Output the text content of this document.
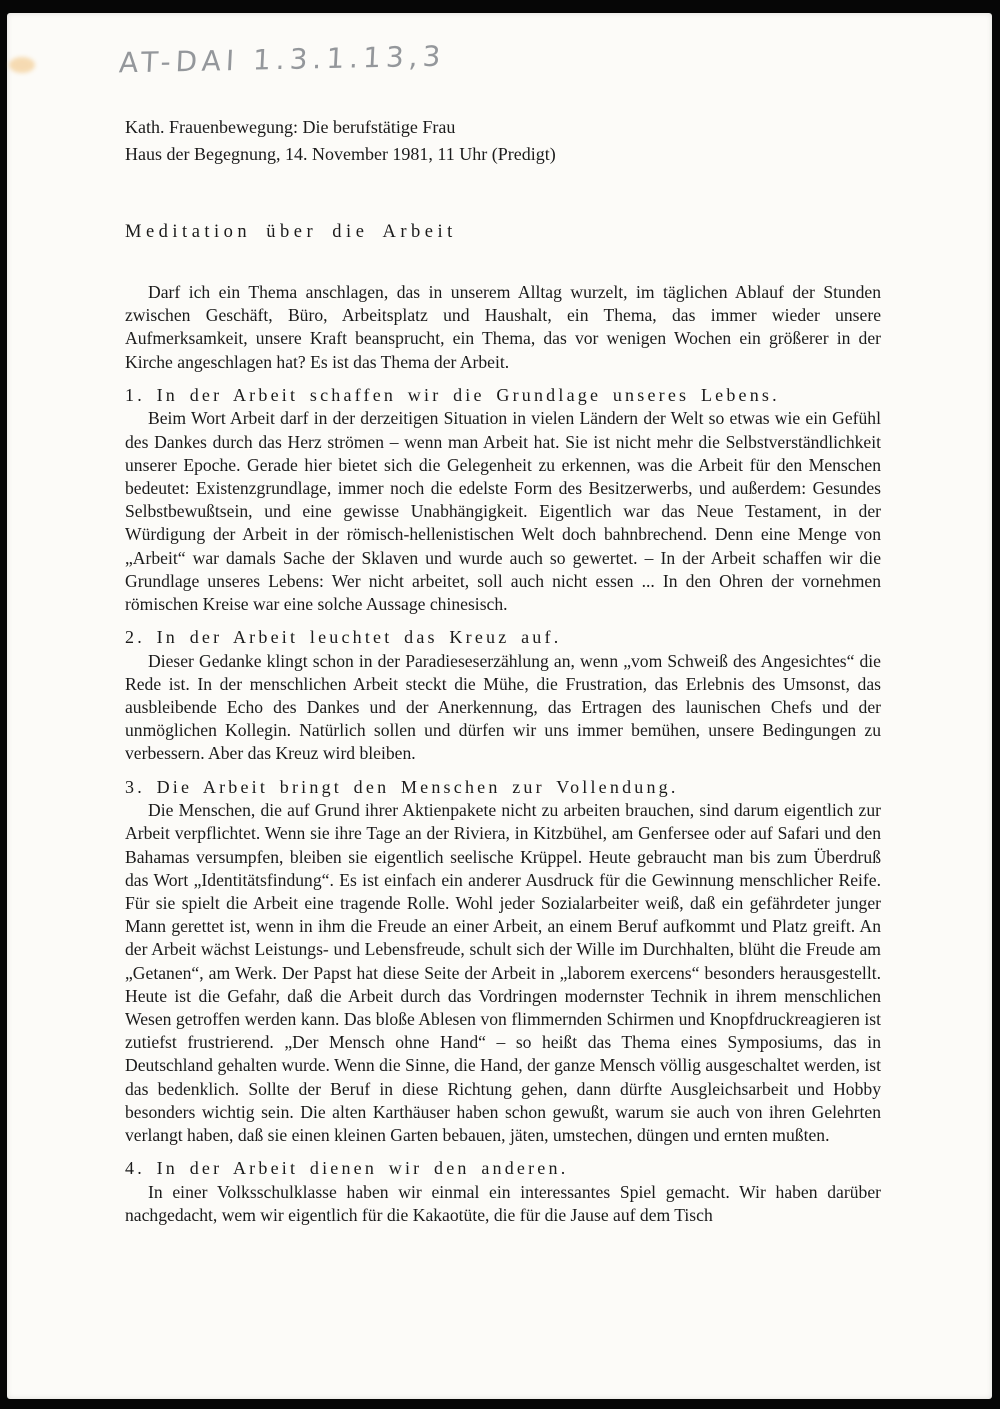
AT-DAI 1.3.1.13,3
Kath. Frauenbewegung: Die berufstätige Frau
Haus der Begegnung, 14. November 1981, 11 Uhr (Predigt)
Meditation über die Arbeit

Darf ich ein Thema anschlagen, das in unserem Alltag wurzelt, im täglichen Ablauf der Stunden zwischen Geschäft, Büro, Arbeitsplatz und Haushalt, ein Thema, das immer wieder unsere Aufmerksamkeit, unsere Kraft beansprucht, ein Thema, das vor wenigen Wochen ein größerer in der Kirche angeschlagen hat? Es ist das Thema der Arbeit.

1. In der Arbeit schaffen wir die Grundlage unseres Lebens.

Beim Wort Arbeit darf in der derzeitigen Situation in vielen Ländern der Welt so etwas wie ein Gefühl des Dankes durch das Herz strömen – wenn man Arbeit hat. Sie ist nicht mehr die Selbstverständlichkeit unserer Epoche. Gerade hier bietet sich die Gelegenheit zu erkennen, was die Arbeit für den Menschen bedeutet: Existenzgrundlage, immer noch die edelste Form des Besitzerwerbs, und außerdem: Gesundes Selbstbewußtsein, und eine gewisse Unabhängigkeit. Eigentlich war das Neue Testament, in der Würdigung der Arbeit in der römisch-hellenistischen Welt doch bahnbrechend. Denn eine Menge von „Arbeit“ war damals Sache der Sklaven und wurde auch so gewertet. – In der Arbeit schaffen wir die Grundlage unseres Lebens: Wer nicht arbeitet, soll auch nicht essen ... In den Ohren der vornehmen römischen Kreise war eine solche Aussage chinesisch.

2. In der Arbeit leuchtet das Kreuz auf.

Dieser Gedanke klingt schon in der Paradieseserzählung an, wenn „vom Schweiß des Angesichtes“ die Rede ist. In der menschlichen Arbeit steckt die Mühe, die Frustration, das Erlebnis des Umsonst, das ausbleibende Echo des Dankes und der Anerkennung, das Ertragen des launischen Chefs und der unmöglichen Kollegin. Natürlich sollen und dürfen wir uns immer bemühen, unsere Bedingungen zu verbessern. Aber das Kreuz wird bleiben.

3. Die Arbeit bringt den Menschen zur Vollendung.

Die Menschen, die auf Grund ihrer Aktienpakete nicht zu arbeiten brauchen, sind darum eigentlich zur Arbeit verpflichtet. Wenn sie ihre Tage an der Riviera, in Kitzbühel, am Genfersee oder auf Safari und den Bahamas versumpfen, bleiben sie eigentlich seelische Krüppel. Heute gebraucht man bis zum Überdruß das Wort „Identitätsfindung“. Es ist einfach ein anderer Ausdruck für die Gewinnung menschlicher Reife. Für sie spielt die Arbeit eine tragende Rolle. Wohl jeder Sozialarbeiter weiß, daß ein gefährdeter junger Mann gerettet ist, wenn in ihm die Freude an einer Arbeit, an einem Beruf aufkommt und Platz greift. An der Arbeit wächst Leistungs- und Lebensfreude, schult sich der Wille im Durchhalten, blüht die Freude am „Getanen“, am Werk. Der Papst hat diese Seite der Arbeit in „laborem exercens“ besonders herausgestellt. Heute ist die Gefahr, daß die Arbeit durch das Vordringen modernster Technik in ihrem menschlichen Wesen getroffen werden kann. Das bloße Ablesen von flimmernden Schirmen und Knopfdruckreagieren ist zutiefst frustrierend. „Der Mensch ohne Hand“ – so heißt das Thema eines Symposiums, das in Deutschland gehalten wurde. Wenn die Sinne, die Hand, der ganze Mensch völlig ausgeschaltet werden, ist das bedenklich. Sollte der Beruf in diese Richtung gehen, dann dürfte Ausgleichsarbeit und Hobby besonders wichtig sein. Die alten Karthäuser haben schon gewußt, warum sie auch von ihren Gelehrten verlangt haben, daß sie einen kleinen Garten bebauen, jäten, umstechen, düngen und ernten mußten.

4. In der Arbeit dienen wir den anderen.

In einer Volksschulklasse haben wir einmal ein interessantes Spiel gemacht. Wir haben darüber nachgedacht, wem wir eigentlich für die Kakaotüte, die für die Jause auf dem Tisch
